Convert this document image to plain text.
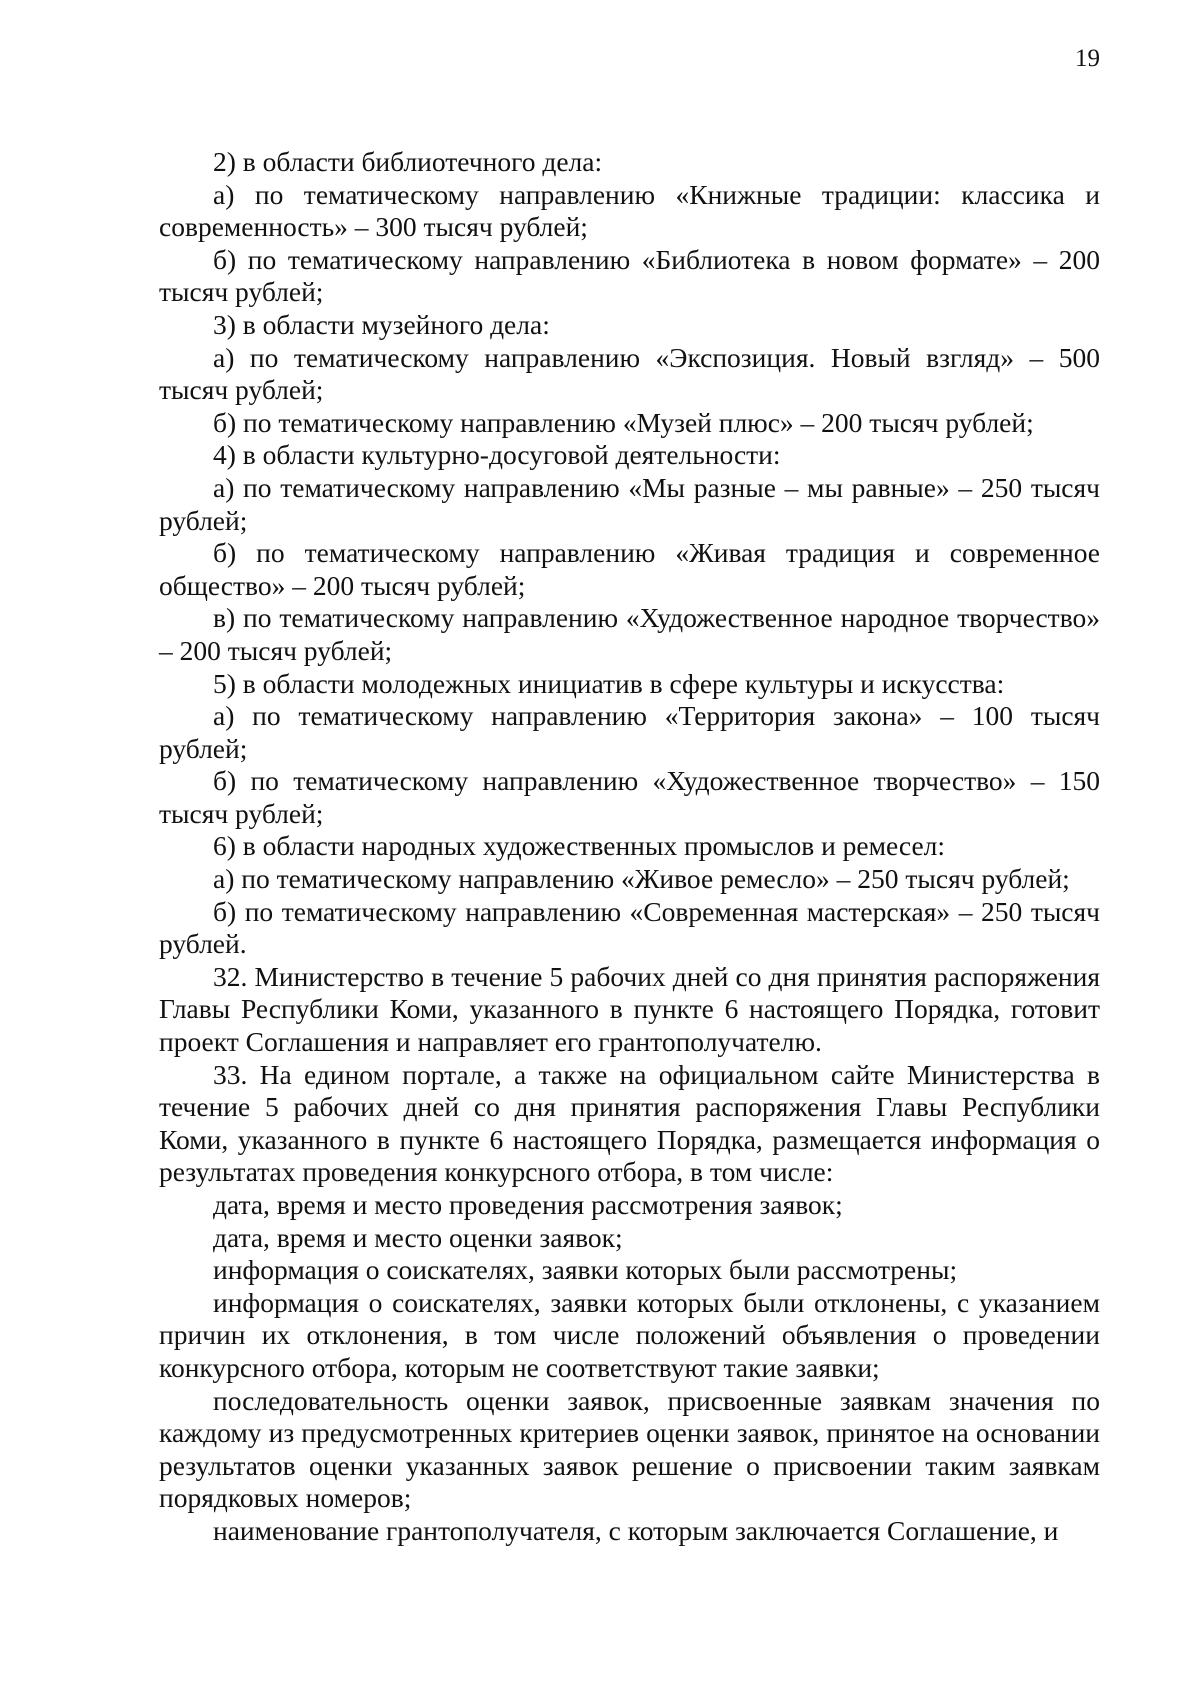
19

2) в области библиотечного дела:

а) по тематическому направлению «Книжные традиции: классика и современность» – 300 тысяч рублей;

б) по тематическому направлению «Библиотека в новом формате» – 200 тысяч рублей;

3) в области музейного дела:

а) по тематическому направлению «Экспозиция. Новый взгляд» – 500 тысяч рублей;

б) по тематическому направлению «Музей плюс» – 200 тысяч рублей;

4) в области культурно-досуговой деятельности:

а) по тематическому направлению «Мы разные – мы равные» – 250 тысяч рублей;

б) по тематическому направлению «Живая традиция и современное общество» – 200 тысяч рублей;

в) по тематическому направлению «Художественное народное творчество» – 200 тысяч рублей;

5) в области молодежных инициатив в сфере культуры и искусства:

а) по тематическому направлению «Территория закона» – 100 тысяч рублей;

б) по тематическому направлению «Художественное творчество» – 150 тысяч рублей;

6) в области народных художественных промыслов и ремесел:

а) по тематическому направлению «Живое ремесло» – 250 тысяч рублей;

б) по тематическому направлению «Современная мастерская» – 250 тысяч рублей.

32. Министерство в течение 5 рабочих дней со дня принятия распоряжения Главы Республики Коми, указанного в пункте 6 настоящего Порядка, готовит проект Соглашения и направляет его грантополучателю.

33. На едином портале, а также на официальном сайте Министерства в течение 5 рабочих дней со дня принятия распоряжения Главы Республики Коми, указанного в пункте 6 настоящего Порядка, размещается информация о результатах проведения конкурсного отбора, в том числе:

дата, время и место проведения рассмотрения заявок;

дата, время и место оценки заявок;

информация о соискателях, заявки которых были рассмотрены;

информация о соискателях, заявки которых были отклонены, с указанием причин их отклонения, в том числе положений объявления о проведении конкурсного отбора, которым не соответствуют такие заявки;

последовательность оценки заявок, присвоенные заявкам значения по каждому из предусмотренных критериев оценки заявок, принятое на основании результатов оценки указанных заявок решение о присвоении таким заявкам порядковых номеров;

наименование грантополучателя, с которым заключается Соглашение, и
